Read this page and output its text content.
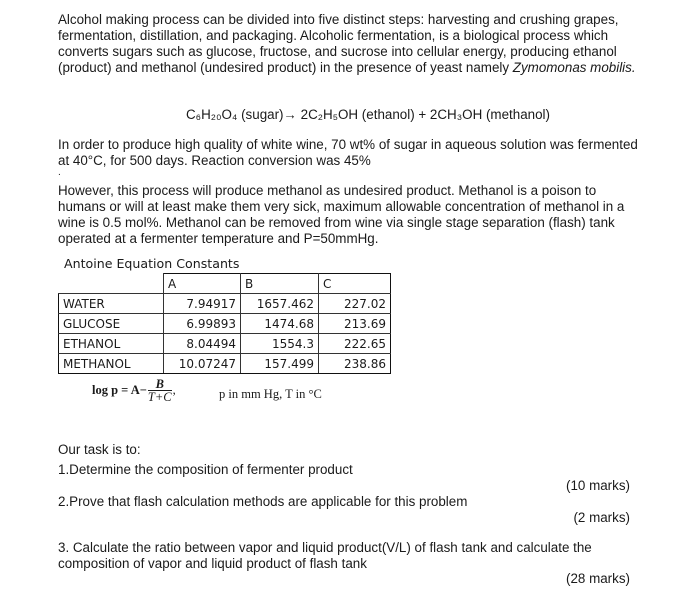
Alcohol making process can be divided into five distinct steps: harvesting and crushing grapes, fermentation, distillation, and packaging. Alcoholic fermentation, is a biological process which converts sugars such as glucose, fructose, and sucrose into cellular energy, producing ethanol (product) and methanol (undesired product) in the presence of yeast namely Zymomonas mobilis.

C₆H₂₀O₄ (sugar)→ 2C₂H₅OH (ethanol) + 2CH₃OH (methanol)

In order to produce high quality of white wine, 70 wt% of sugar in aqueous solution was fermented at 40°C, for 500 days. Reaction conversion was 45%

.

However, this process will produce methanol as undesired product. Methanol is a poison to humans or will at least make them very sick, maximum allowable concentration of methanol in a wine is 0.5 mol%. Methanol can be removed from wine via single stage separation (flash) tank operated at a fermenter temperature and P=50mmHg.

Antoine Equation Constants
	A	B	C
WATER	7.94917	1657.462	227.02
GLUCOSE	6.99893	1474.68	213.69
ETHANOL	8.04494	1554.3	222.65
METHANOL	10.07247	157.499	238.86
$\log p = A- \frac{B}{T+C}$ ,	p in mm Hg, T in °C

Our task is to:

1.Determine the composition of fermenter product

(10 marks)

2.Prove that flash calculation methods are applicable for this problem

(2 marks)

3. Calculate the ratio between vapor and liquid product(V/L) of flash tank and calculate the composition of vapor and liquid product of flash tank

(28 marks)
